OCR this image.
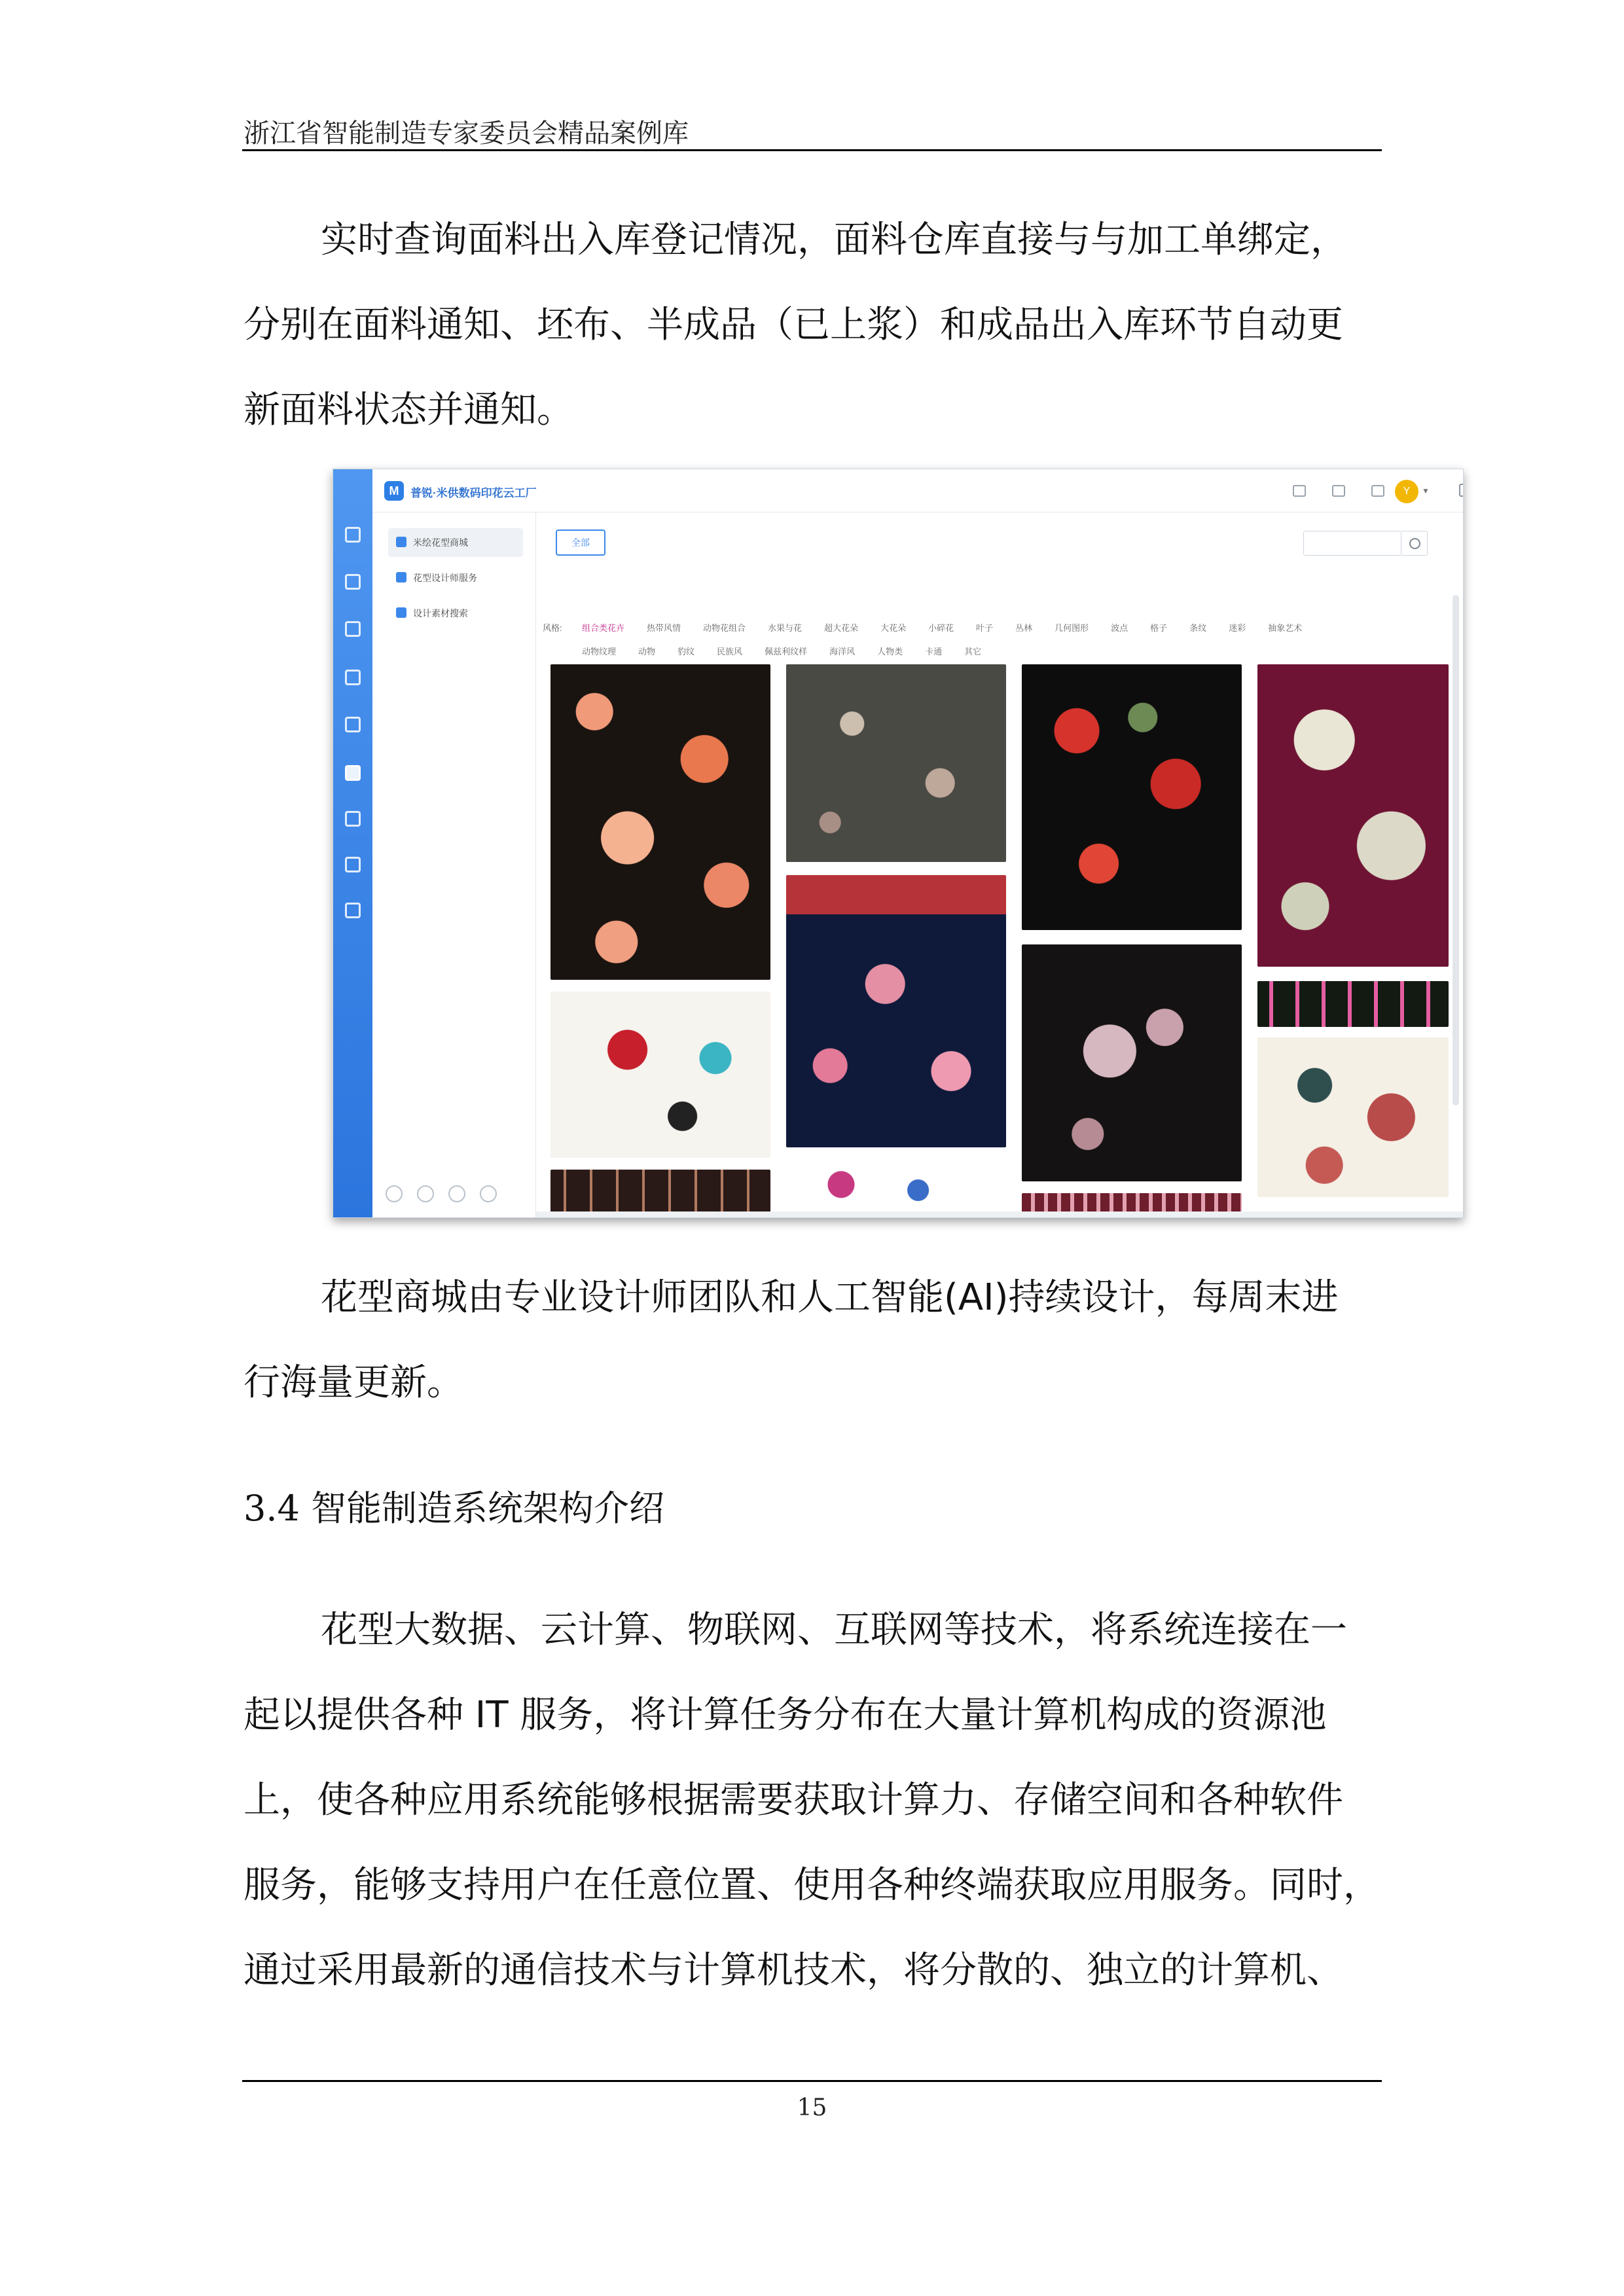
浙江省智能制造专家委员会精品案例库
实时查询面料出入库登记情况，面料仓库直接与与加工单绑定，
分别在面料通知、坯布、半成品（已上浆）和成品出入库环节自动更
新面料状态并通知。
M	普锐·米供数码印花云工厂	Y	▼
米绘花型商城
花型设计师服务
设计素材搜索
全部
风格: 组合类花卉	热带风情	动物花组合	水果与花	超大花朵	大花朵	小碎花	叶子	丛林	几何图形	波点	格子	条纹	迷彩	抽象艺术
动物纹理	动物	豹纹	民族风	佩兹利纹样	海洋风	人物类	卡通	其它
花型商城由专业设计师团队和人工智能(AI)持续设计，每周末进
行海量更新。
3.4 智能制造系统架构介绍
花型大数据、云计算、物联网、互联网等技术，将系统连接在一
起以提供各种 IT 服务，将计算任务分布在大量计算机构成的资源池
上，使各种应用系统能够根据需要获取计算力、存储空间和各种软件
服务，能够支持用户在任意位置、使用各种终端获取应用服务。同时，
通过采用最新的通信技术与计算机技术，将分散的、独立的计算机、
15
